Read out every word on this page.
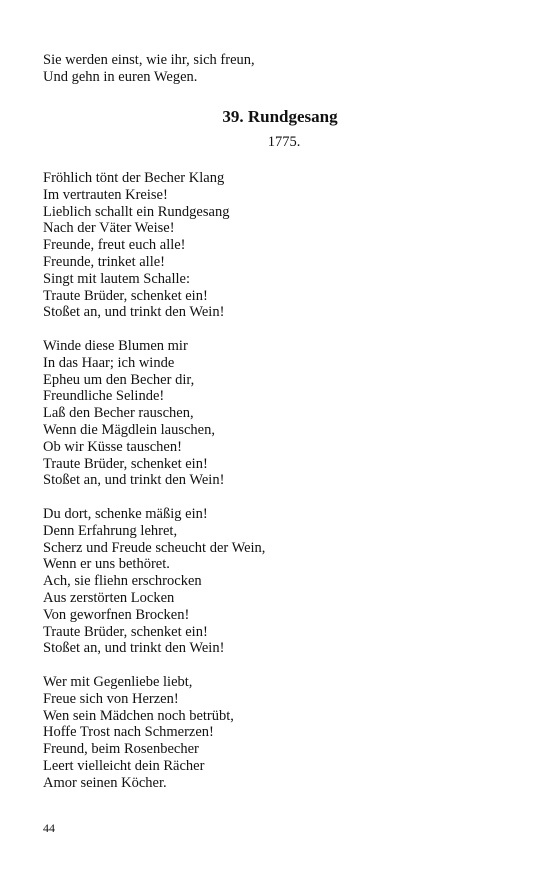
Sie werden einst, wie ihr, sich freun,
Und gehn in euren Wegen.
39. Rundgesang
1775.
Fröhlich tönt der Becher Klang
Im vertrauten Kreise!
Lieblich schallt ein Rundgesang
Nach der Väter Weise!
Freunde, freut euch alle!
Freunde, trinket alle!
Singt mit lautem Schalle:
Traute Brüder, schenket ein!
Stoßet an, und trinkt den Wein!
Winde diese Blumen mir
In das Haar; ich winde
Epheu um den Becher dir,
Freundliche Selinde!
Laß den Becher rauschen,
Wenn die Mägdlein lauschen,
Ob wir Küsse tauschen!
Traute Brüder, schenket ein!
Stoßet an, und trinkt den Wein!
Du dort, schenke mäßig ein!
Denn Erfahrung lehret,
Scherz und Freude scheucht der Wein,
Wenn er uns bethöret.
Ach, sie fliehn erschrocken
Aus zerstörten Locken
Von geworfnen Brocken!
Traute Brüder, schenket ein!
Stoßet an, und trinkt den Wein!
Wer mit Gegenliebe liebt,
Freue sich von Herzen!
Wen sein Mädchen noch betrübt,
Hoffe Trost nach Schmerzen!
Freund, beim Rosenbecher
Leert vielleicht dein Rächer
Amor seinen Köcher.
44
